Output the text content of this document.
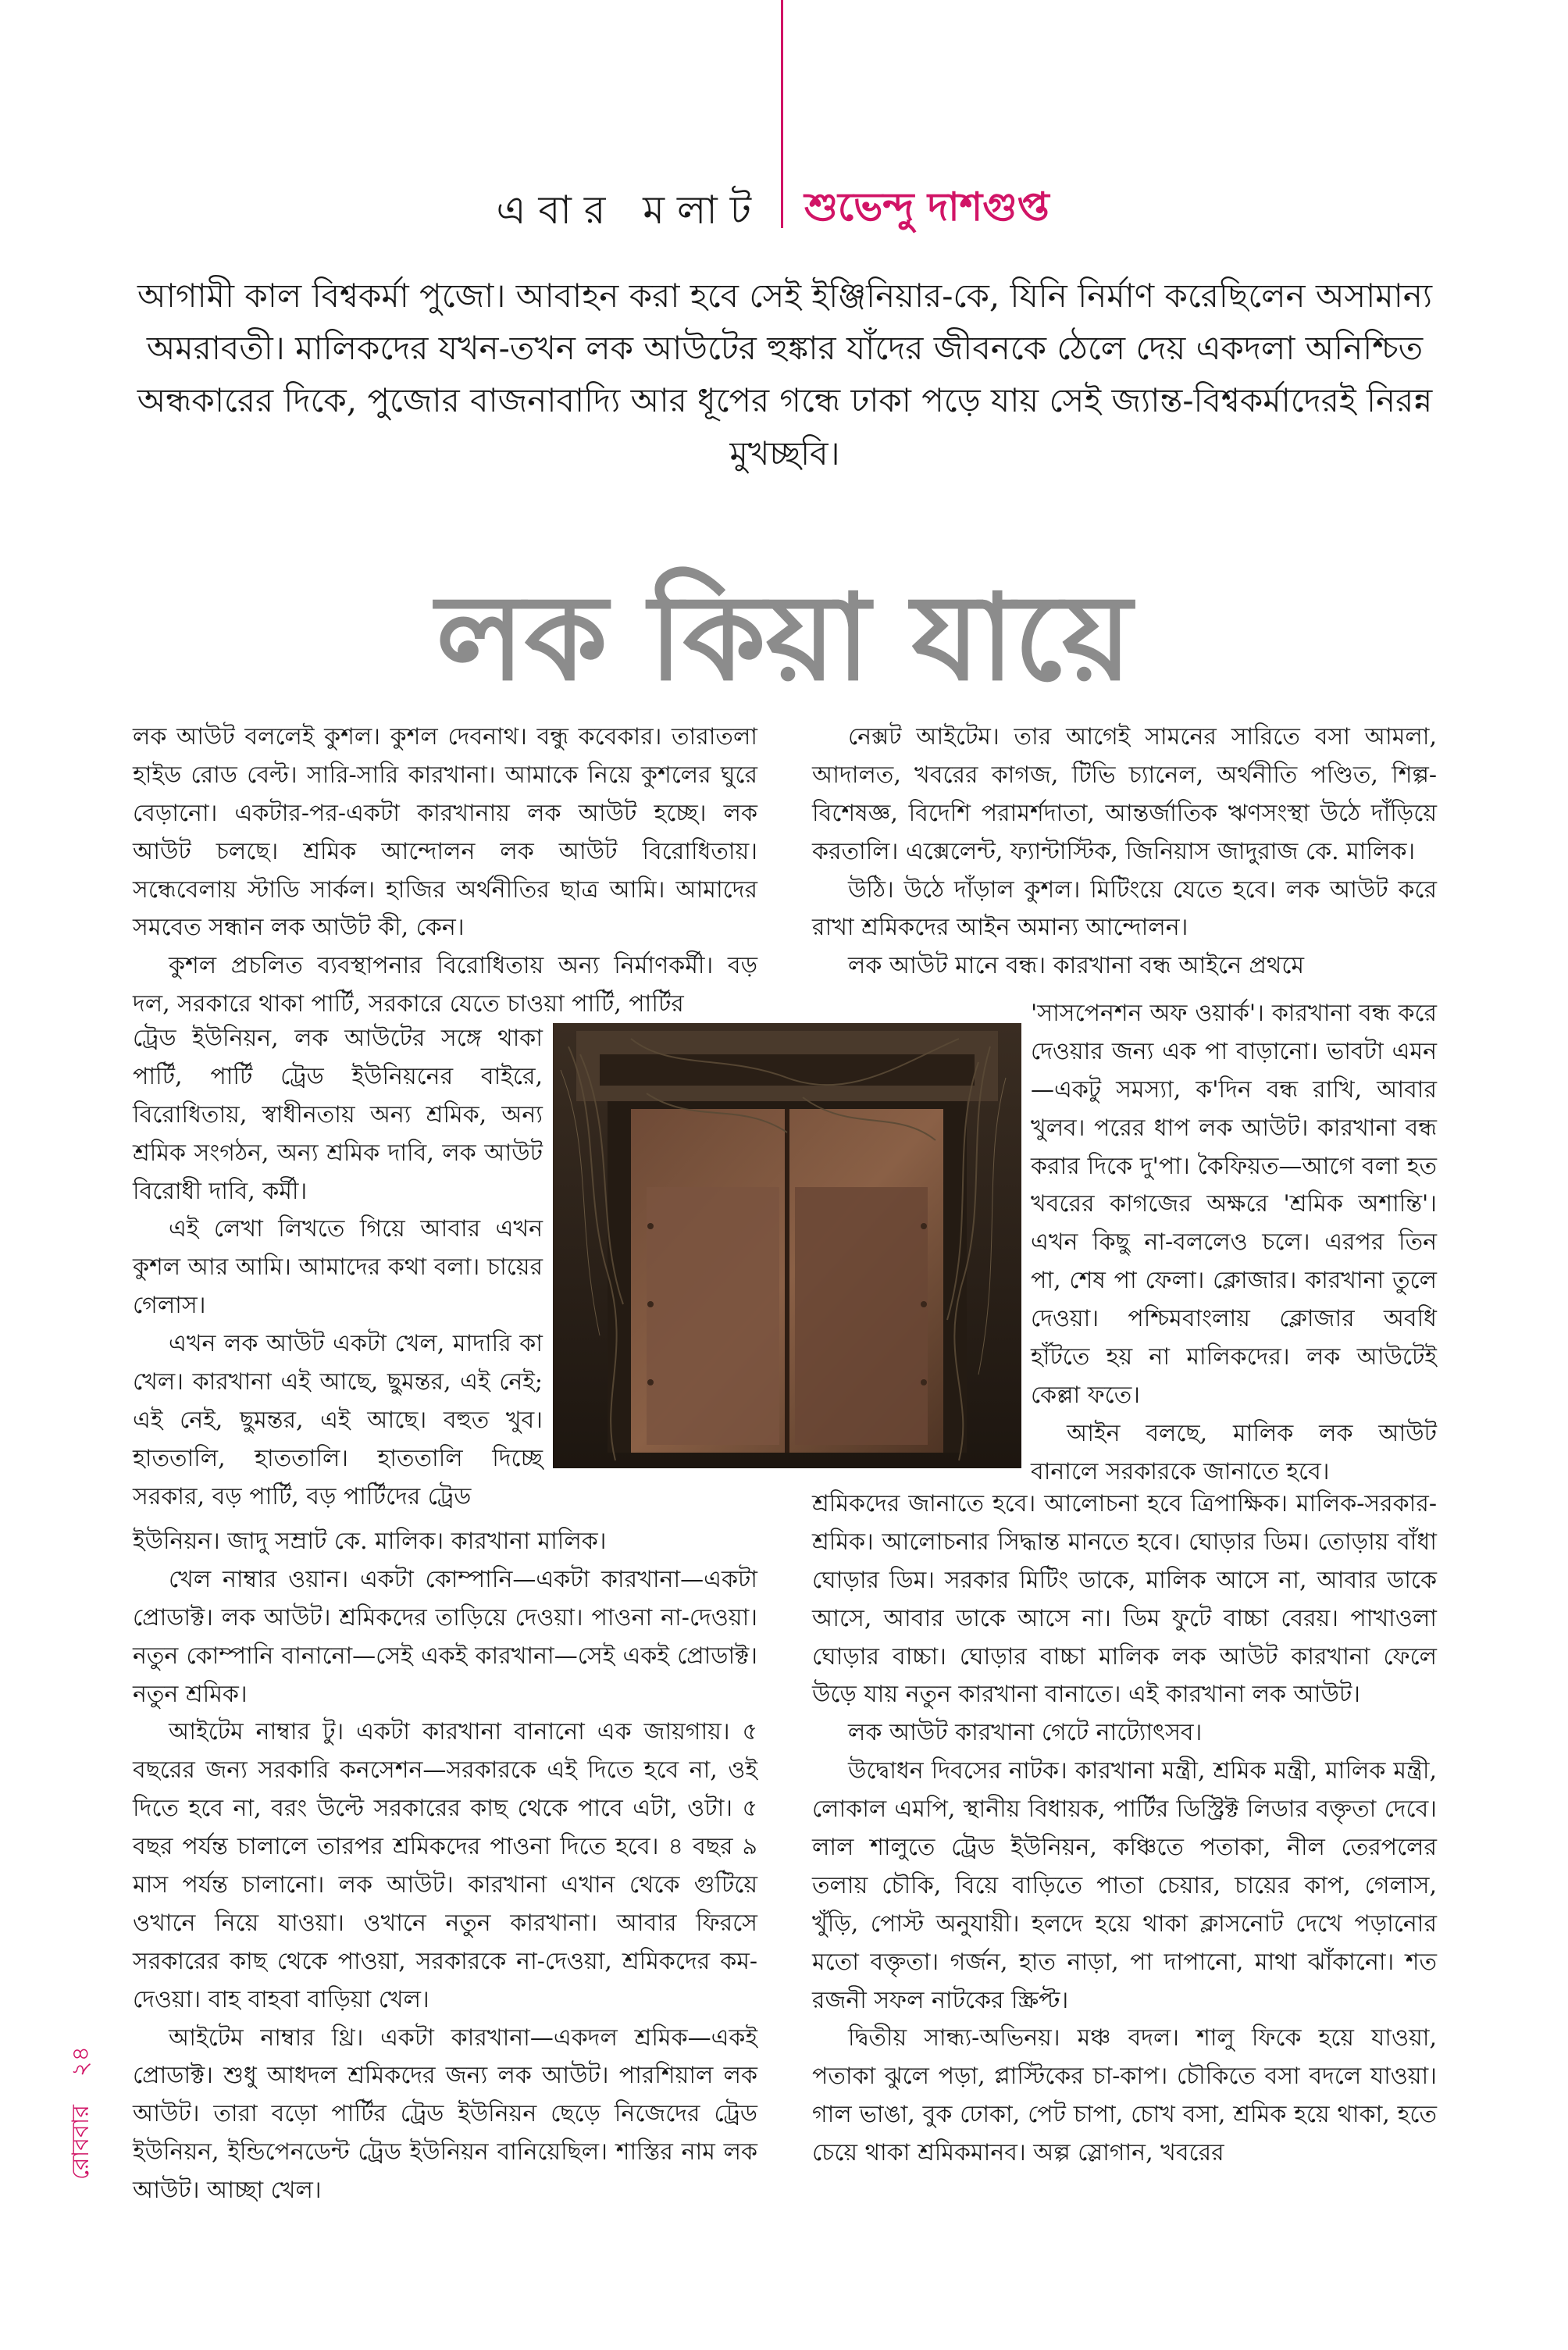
এবার মলাট শুভেন্দু দাশগুপ্ত
আগামী কাল বিশ্বকর্মা পুজো। আবাহন করা হবে সেই ইঞ্জিনিয়ার-কে, যিনি নির্মাণ করেছিলেন অসামান্য অমরাবতী। মালিকদের যখন-তখন লক আউটের হুঙ্কার যাঁদের জীবনকে ঠেলে দেয় একদলা অনিশ্চিত অন্ধকারের দিকে, পুজোর বাজনাবাদ্যি আর ধূপের গন্ধে ঢাকা পড়ে যায় সেই জ্যান্ত-বিশ্বকর্মাদেরই নিরন্ন মুখচ্ছবি।
লক কিয়া যায়ে

লক আউট বললেই কুশল। কুশল দেবনাথ। বন্ধু কবেকার। তারাতলা হাইড রোড বেল্ট। সারি-সারি কারখানা। আমাকে নিয়ে কুশলের ঘুরে বেড়ানো। একটার-পর-একটা কারখানায় লক আউট হচ্ছে। লক আউট চলছে। শ্রমিক আন্দোলন লক আউট বিরোধিতায়। সন্ধেবেলায় স্টাডি সার্কল। হাজির অর্থনীতির ছাত্র আমি। আমাদের সমবেত সন্ধান লক আউট কী, কেন।

কুশল প্রচলিত ব্যবস্থাপনার বিরোধিতায় অন্য নির্মাণকর্মী। বড় দল, সরকারে থাকা পার্টি, সরকারে যেতে চাওয়া পার্টি, পার্টির

ট্রেড ইউনিয়ন, লক আউটের সঙ্গে থাকা পার্টি, পার্টি ট্রেড ইউনিয়নের বাইরে, বিরোধিতায়, স্বাধীনতায় অন্য শ্রমিক, অন্য শ্রমিক সংগঠন, অন্য শ্রমিক দাবি, লক আউট বিরোধী দাবি, কর্মী।

এই লেখা লিখতে গিয়ে আবার এখন কুশল আর আমি। আমাদের কথা বলা। চায়ের গেলাস।

এখন লক আউট একটা খেল, মাদারি কা খেল। কারখানা এই আছে, ছুমন্তর, এই নেই; এই নেই, ছুমন্তর, এই আছে। বহুত খুব। হাততালি, হাততালি। হাততালি দিচ্ছে সরকার, বড় পার্টি, বড় পার্টিদের ট্রেড

ইউনিয়ন। জাদু সম্রাট কে. মালিক। কারখানা মালিক।

খেল নাম্বার ওয়ান। একটা কোম্পানি—একটা কারখানা—একটা প্রোডাক্ট। লক আউট। শ্রমিকদের তাড়িয়ে দেওয়া। পাওনা না-দেওয়া। নতুন কোম্পানি বানানো—সেই একই কারখানা—সেই একই প্রোডাক্ট। নতুন শ্রমিক।

আইটেম নাম্বার টু। একটা কারখানা বানানো এক জায়গায়। ৫ বছরের জন্য সরকারি কনসেশন—সরকারকে এই দিতে হবে না, ওই দিতে হবে না, বরং উল্টে সরকারের কাছ থেকে পাবে এটা, ওটা। ৫ বছর পর্যন্ত চালালে তারপর শ্রমিকদের পাওনা দিতে হবে। ৪ বছর ৯ মাস পর্যন্ত চালানো। লক আউট। কারখানা এখান থেকে গুটিয়ে ওখানে নিয়ে যাওয়া। ওখানে নতুন কারখানা। আবার ফিরসে সরকারের কাছ থেকে পাওয়া, সরকারকে না-দেওয়া, শ্রমিকদের কম-দেওয়া। বাহ বাহবা বাড়িয়া খেল।

আইটেম নাম্বার থ্রি। একটা কারখানা—একদল শ্রমিক—একই প্রোডাক্ট। শুধু আধদল শ্রমিকদের জন্য লক আউট। পারশিয়াল লক আউট। তারা বড়ো পার্টির ট্রেড ইউনিয়ন ছেড়ে নিজেদের ট্রেড ইউনিয়ন, ইন্ডিপেনডেন্ট ট্রেড ইউনিয়ন বানিয়েছিল। শাস্তির নাম লক আউট। আচ্ছা খেল।

নেক্সট আইটেম। তার আগেই সামনের সারিতে বসা আমলা, আদালত, খবরের কাগজ, টিভি চ্যানেল, অর্থনীতি পণ্ডিত, শিল্প-বিশেষজ্ঞ, বিদেশি পরামর্শদাতা, আন্তর্জাতিক ঋণসংস্থা উঠে দাঁড়িয়ে করতালি। এক্সেলেন্ট, ফ্যান্টাস্টিক, জিনিয়াস জাদুরাজ কে. মালিক।

উঠি। উঠে দাঁড়াল কুশল। মিটিংয়ে যেতে হবে। লক আউট করে রাখা শ্রমিকদের আইন অমান্য আন্দোলন।

লক আউট মানে বন্ধ। কারখানা বন্ধ আইনে প্রথমে

'সাসপেনশন অফ ওয়ার্ক'। কারখানা বন্ধ করে দেওয়ার জন্য এক পা বাড়ানো। ভাবটা এমন—একটু সমস্যা, ক'দিন বন্ধ রাখি, আবার খুলব। পরের ধাপ লক আউট। কারখানা বন্ধ করার দিকে দু'পা। কৈফিয়ত—আগে বলা হত খবরের কাগজের অক্ষরে 'শ্রমিক অশান্তি'। এখন কিছু না-বললেও চলে। এরপর তিন পা, শেষ পা ফেলা। ক্লোজার। কারখানা তুলে দেওয়া। পশ্চিমবাংলায় ক্লোজার অবধি হাঁটতে হয় না মালিকদের। লক আউটেই কেল্লা ফতে।

আইন বলছে, মালিক লক আউট বানালে সরকারকে জানাতে হবে।

শ্রমিকদের জানাতে হবে। আলোচনা হবে ত্রিপাক্ষিক। মালিক-সরকার-শ্রমিক। আলোচনার সিদ্ধান্ত মানতে হবে। ঘোড়ার ডিম। তোড়ায় বাঁধা ঘোড়ার ডিম। সরকার মিটিং ডাকে, মালিক আসে না, আবার ডাকে আসে, আবার ডাকে আসে না। ডিম ফুটে বাচ্চা বেরয়। পাখাওলা ঘোড়ার বাচ্চা। ঘোড়ার বাচ্চা মালিক লক আউট কারখানা ফেলে উড়ে যায় নতুন কারখানা বানাতে। এই কারখানা লক আউট।

লক আউট কারখানা গেটে নাট্যোৎসব।

উদ্বোধন দিবসের নাটক। কারখানা মন্ত্রী, শ্রমিক মন্ত্রী, মালিক মন্ত্রী, লোকাল এমপি, স্থানীয় বিধায়ক, পার্টির ডিস্ট্রিক্ট লিডার বক্তৃতা দেবে। লাল শালুতে ট্রেড ইউনিয়ন, কঞ্চিতে পতাকা, নীল তেরপলের তলায় চৌকি, বিয়ে বাড়িতে পাতা চেয়ার, চায়ের কাপ, গেলাস, খুঁড়ি, পোস্ট অনুযায়ী। হলদে হয়ে থাকা ক্লাসনোট দেখে পড়ানোর মতো বক্তৃতা। গর্জন, হাত নাড়া, পা দাপানো, মাথা ঝাঁকানো। শত রজনী সফল নাটকের স্ক্রিপ্ট।

দ্বিতীয় সান্ধ্য-অভিনয়। মঞ্চ বদল। শালু ফিকে হয়ে যাওয়া, পতাকা ঝুলে পড়া, প্লাস্টিকের চা-কাপ। চৌকিতে বসা বদলে যাওয়া। গাল ভাঙা, বুক ঢোকা, পেট চাপা, চোখ বসা, শ্রমিক হয়ে থাকা, হতে চেয়ে থাকা শ্রমিকমানব। অল্প স্লোগান, খবরের

২৪
রোববার
